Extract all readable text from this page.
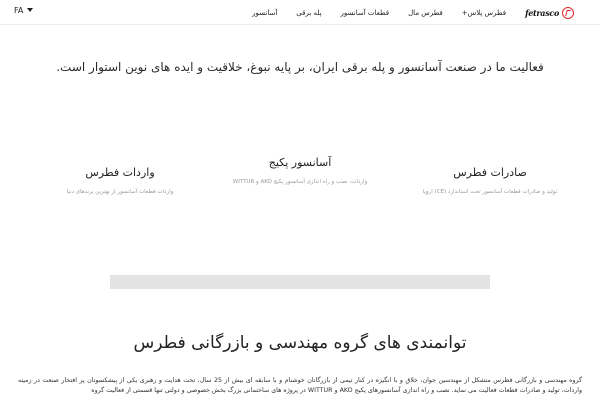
FA	آسانسور	پله برقی	قطعات آسانسور	فطرس مال	فطرس پلاس+ fetrasco
فعالیت ما در صنعت آسانسور و پله برقی ایران، بر پایه نبوغ، خلاقیت و ایده های نوین استوار است.
صادرات فطرس

تولید و صادرات قطعات آسانسور تحت استاندارد (CE) اروپا

آسانسور پکیج

واردات، نصب و راه اندازی آسانسور پکیج AKO و WITTUR

واردات فطرس

واردات قطعات آسانسور از بهترین برندهای دنیا

توانمندی های گروه مهندسی و بازرگانی فطرس
گروه مهندسی و بازرگانی فطرس متشکل از مهندسین جوان، خلاق و با انگیزه در کنار تیمی از بازرگانان خوشنام و با سابقه ای بیش از 25 سال، تحت هدایت و رهبری یکی از پیشکسوتان پر افتخار صنعت در زمینه واردات، تولید و صادرات قطعات فعالیت می نماید. نصب و راه اندازی آسانسورهای پکیج AKO و WITTUR در پروژه های ساختمانی بزرگ بخش خصوصی و دولتی تنها قسمتی از فعالیت گروه
